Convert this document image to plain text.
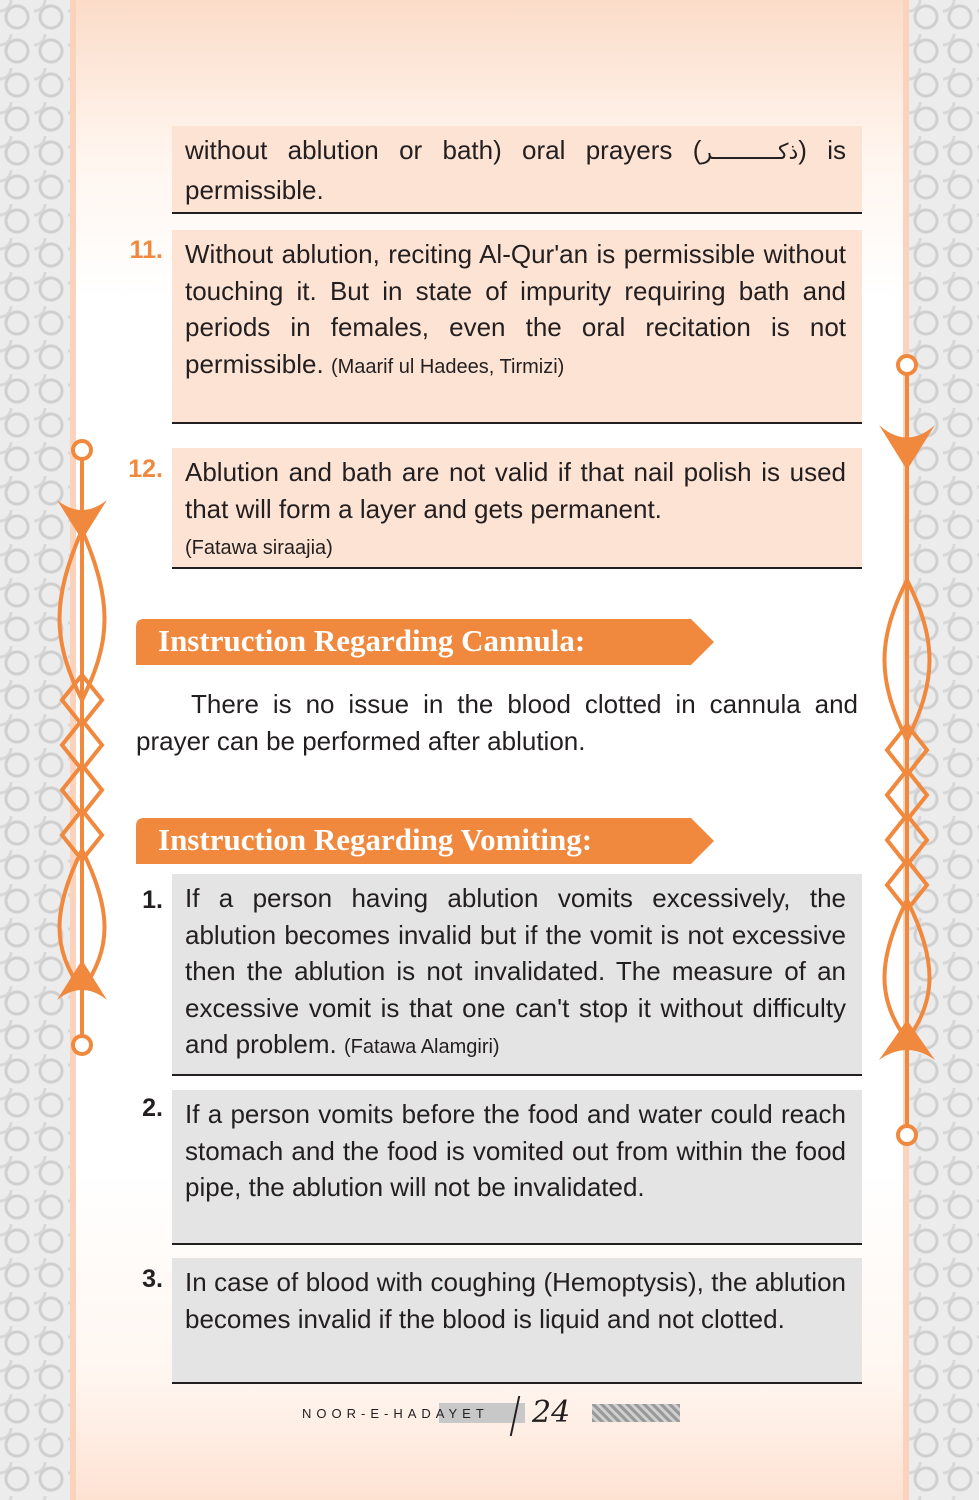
without ablution or bath) oral prayers (ذکــــــــــر) is permissible.
11. Without ablution, reciting Al-Qur'an is permissible without touching it. But in state of impurity requiring bath and periods in females, even the oral recitation is not permissible. (Maarif ul Hadees, Tirmizi)
12. Ablution and bath are not valid if that nail polish is used that will form a layer and gets permanent.
(Fatawa siraajia)
Instruction Regarding Cannula:
There is no issue in the blood clotted in cannula and prayer can be performed after ablution.
Instruction Regarding Vomiting:
1. If a person having ablution vomits excessively, the ablution becomes invalid but if the vomit is not excessive then the ablution is not invalidated. The measure of an excessive vomit is that one can't stop it without difficulty and problem. (Fatawa Alamgiri)
2. If a person vomits before the food and water could reach stomach and the food is vomited out from within the food pipe, the ablution will not be invalidated.
3. In case of blood with coughing (Hemoptysis), the ablution becomes invalid if the blood is liquid and not clotted.
NOOR-E-HADAYET 24
